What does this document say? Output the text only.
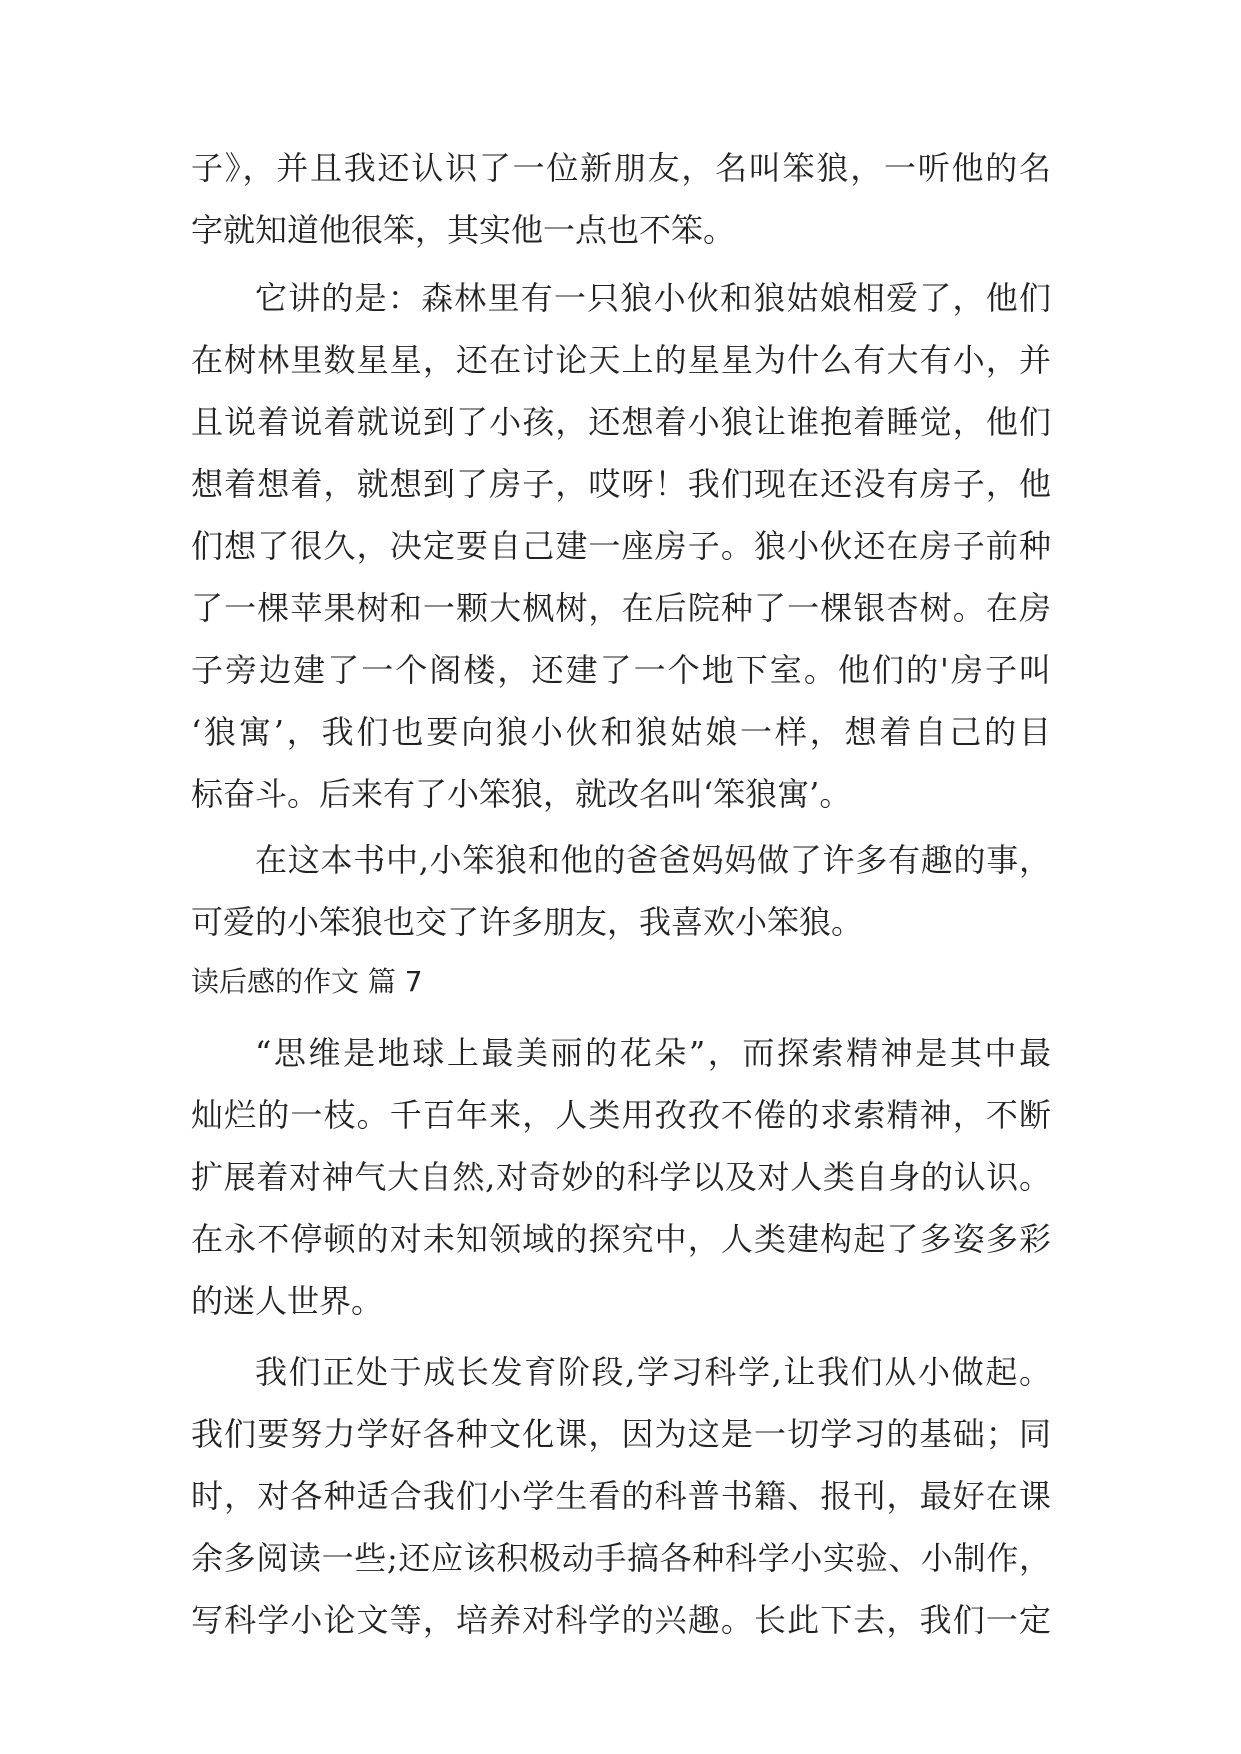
子》，并且我还认识了一位新朋友，名叫笨狼，一听他的名
字就知道他很笨，其实他一点也不笨。
它讲的是：森林里有一只狼小伙和狼姑娘相爱了，他们
在树林里数星星，还在讨论天上的星星为什么有大有小，并
且说着说着就说到了小孩，还想着小狼让谁抱着睡觉，他们
想着想着，就想到了房子，哎呀！我们现在还没有房子，他
们想了很久，决定要自己建一座房子。狼小伙还在房子前种
了一棵苹果树和一颗大枫树，在后院种了一棵银杏树。在房
子旁边建了一个阁楼，还建了一个地下室。他们的'房子叫
‘狼寓’，我们也要向狼小伙和狼姑娘一样，想着自己的目
标奋斗。后来有了小笨狼，就改名叫‘笨狼寓’。
在这本书中,小笨狼和他的爸爸妈妈做了许多有趣的事，
可爱的小笨狼也交了许多朋友，我喜欢小笨狼。
读后感的作文 篇 7
“思维是地球上最美丽的花朵”，而探索精神是其中最
灿烂的一枝。千百年来，人类用孜孜不倦的求索精神，不断
扩展着对神气大自然,对奇妙的科学以及对人类自身的认识。
在永不停顿的对未知领域的探究中，人类建构起了多姿多彩
的迷人世界。
我们正处于成长发育阶段,学习科学,让我们从小做起。
我们要努力学好各种文化课，因为这是一切学习的基础；同
时，对各种适合我们小学生看的科普书籍、报刊，最好在课
余多阅读一些;还应该积极动手搞各种科学小实验、小制作，
写科学小论文等，培养对科学的兴趣。长此下去，我们一定
